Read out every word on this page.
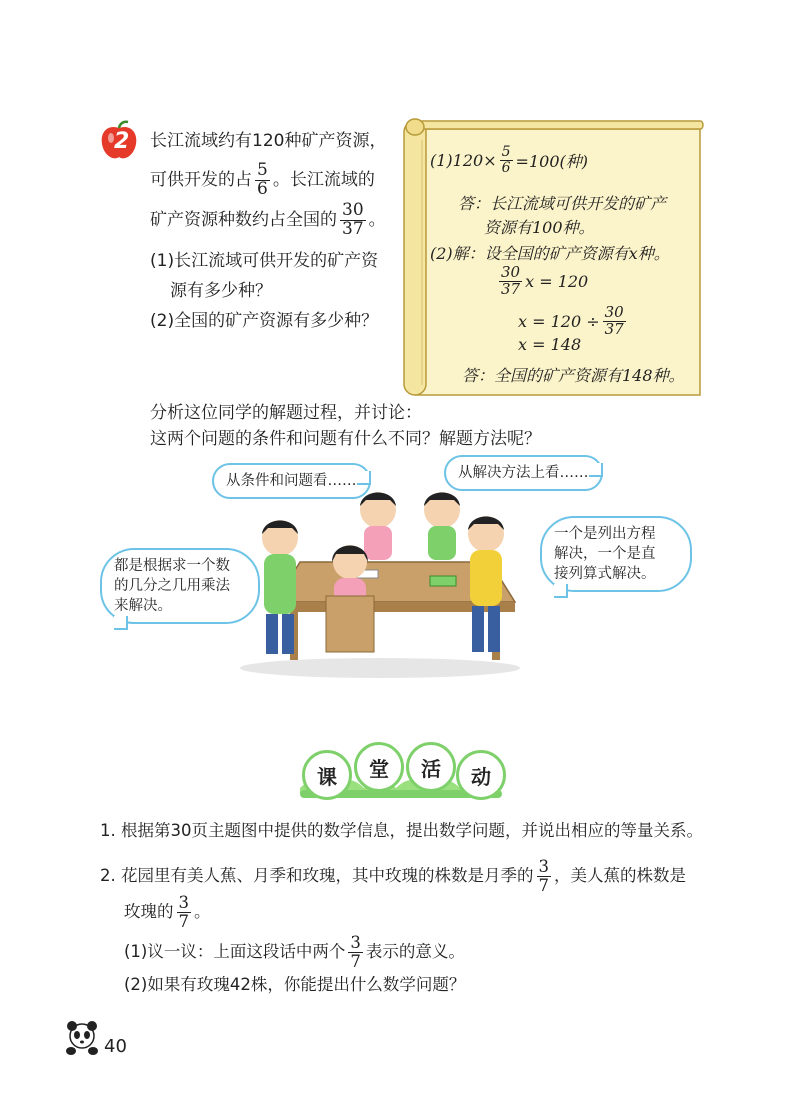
2 长江流域约有120种矿产资源，
可供开发的占 $\frac{5}{6}$ 。长江流域的
矿产资源种数约占全国的 $\frac{30}{37}$ 。
(1)长江流域可供开发的矿产资
源有多少种？
(2)全国的矿产资源有多少种？
(1) $120\times \frac{5}{6} =100$(种)
答：长江流域可供开发的矿产
资源有100种。
(2)解：设全国的矿产资源有x种。
$\frac{30}{37}$ x = 120
$x = 120 \div \frac{30}{37}$
x = 148
答：全国的矿产资源有148种。
分析这位同学的解题过程，并讨论：
这两个问题的条件和问题有什么不同？解题方法呢？
从条件和问题看……	从解决方法上看……
都是根据求一个数
的几分之几用乘法
来解决。
一个是列出方程
解决，一个是直
接列算式解决。
课	堂	活	动
1. 根据第30页主题图中提供的数学信息，提出数学问题，并说出相应的等量关系。
2. 花园里有美人蕉、月季和玫瑰，其中玫瑰的株数是月季的 $\frac{3}{7}$ ，美人蕉的株数是
玫瑰的 $\frac{3}{7}$ 。
(1)议一议：上面这段话中两个 $\frac{3}{7}$ 表示的意义。
(2)如果有玫瑰42株，你能提出什么数学问题？
40
